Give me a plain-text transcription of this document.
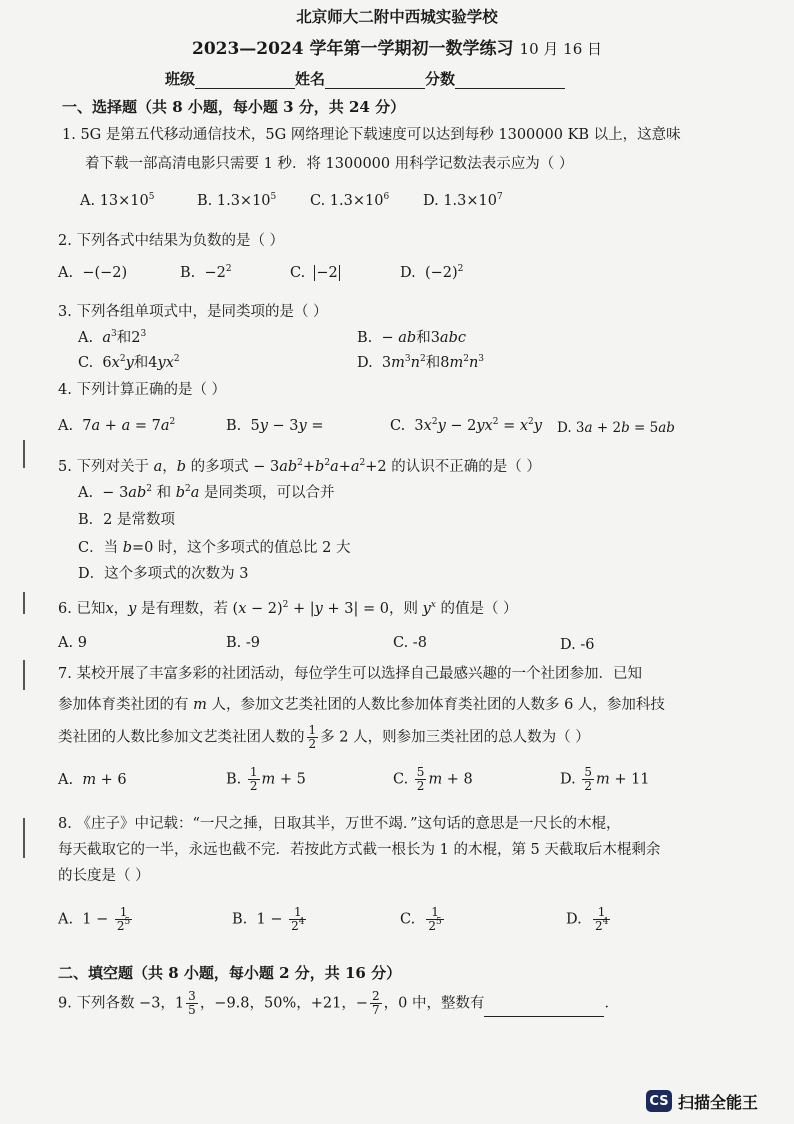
北京师大二附中西城实验学校
2023—2024 学年第一学期初一数学练习 10 月 16 日
班级	姓名	分数
一、选择题（共 8 小题，每小题 3 分，共 24 分）
1. 5G 是第五代移动通信技术，5G 网络理论下载速度可以达到每秒 1300000 KB 以上，这意味
着下载一部高清电影只需要 1 秒．将 1300000 用科学记数法表示应为（ ）
A. $13\times 10^5$	B. $1.3\times 10^5$ C. $1.3\times 10^6$ D. $1.3\times 10^7$
2. 下列各式中结果为负数的是（ ）
A. −(−2)	B. $-2^2$	C. −2	D. $(-2)^2$
3. 下列各组单项式中，是同类项的是（ ）
A. $a^3$和$2^3$	B.  − ab和3abc
C.  $6x^2y$和$4yx^2$	D.  $3m^3n^2$和$8m^2n^3$
4. 下列计算正确的是（ ）
A.  $7a + a = 7a^2$	B.  5y − 3y =	C.  $3x^2y - 2yx^2 = x^2y$ D. 3a + 2b = 5ab
5. 下列对关于 a，b 的多项式 − $3ab^2+b^2a+a^2+2$ 的认识不正确的是（ ）
A.  − $3ab^2$ 和 $b^2a$ 是同类项，可以合并
B．2 是常数项
C．当 b=0 时，这个多项式的值总比 2 大
D．这个多项式的次数为 3
6. 已知x，y 是有理数，若 $(x - 2)^2 + |y + 3| = 0$，则 $y^x$ 的值是（ ）
A. 9	B. -9	C. -8	D. -6
7. 某校开展了丰富多彩的社团活动，每位学生可以选择自己最感兴趣的一个社团参加．已知
参加体育类社团的有 m 人，参加文艺类社团的人数比参加体育类社团的人数多 6 人，参加科技
类社团的人数比参加文艺类社团人数的 $\frac{1}{2}$ 多 2 人，则参加三类社团的总人数为（ ）
A. m + 6	B. $\frac{1}{2}$ m + 5	C. $\frac{5}{2}$ m + 8	D. $\frac{5}{2}$ m + 11
8. 《庄子》中记载：“一尺之捶，日取其半，万世不竭．”这句话的意思是一尺长的木棍，
每天截取它的一半，永远也截不完．若按此方式截一根长为 1 的木棍，第 5 天截取后木棍剩余
的长度是（ ）
A.  $1 - \frac{1}{2^5}$	B.  $1 - \frac{1}{2^4}$	C. $\frac{1}{2^5}$	D. $\frac{1}{2^4}$
二、填空题（共 8 小题，每小题 2 分，共 16 分）
9. 下列各数 −3，$1 \frac{3}{5}$ ，−9.8，50%，+21，− $\frac{2}{7}$ ，0 中，整数有	．
CS 扫描全能王
